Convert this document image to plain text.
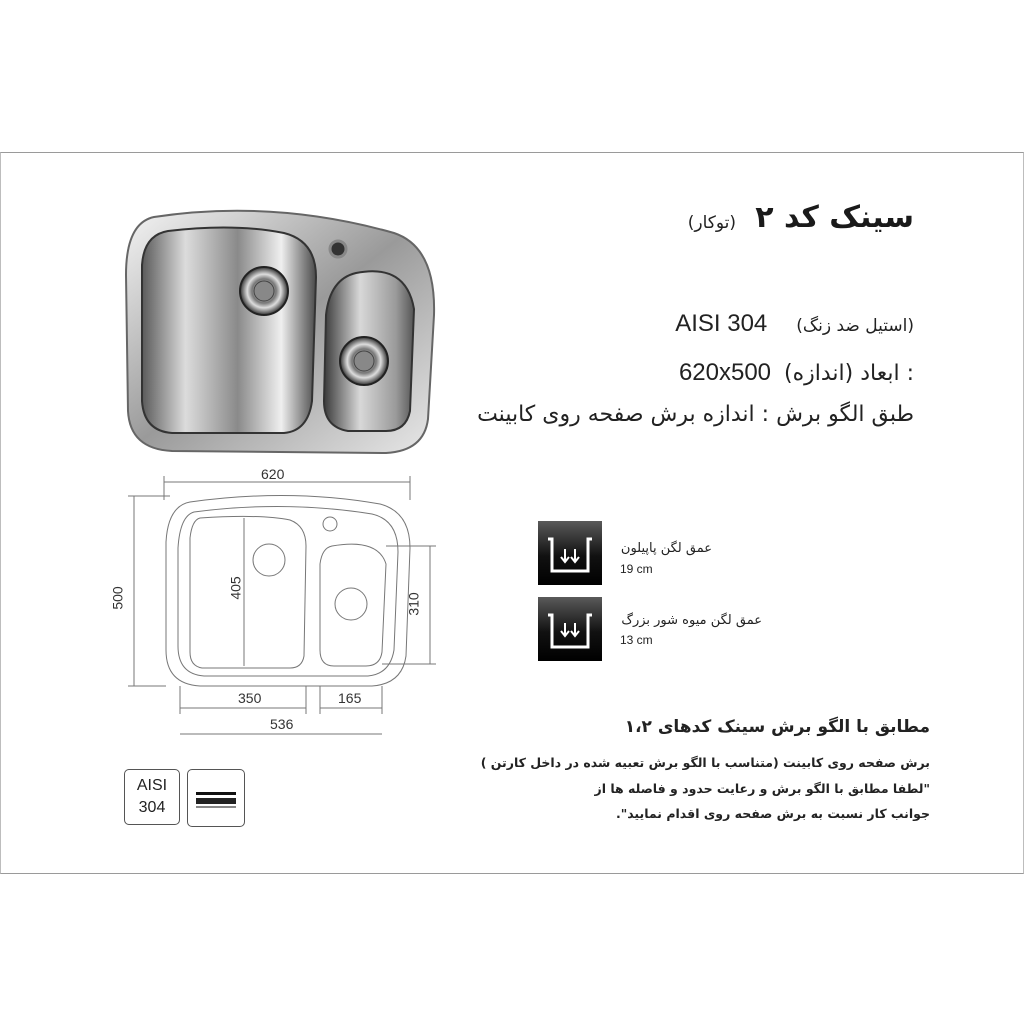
سینک کد ۲
(توکار)
AISI 304 (استیل ضد زنگ)
620x500 ابعاد (اندازه) :
طبق الگو برش : اندازه برش صفحه روی کابینت
620
500	405
310
350	165
536
عمق لگن پاپیلون
19 cm
عمق لگن میوه شور بزرگ
13 cm
مطابق با الگو برش سینک کدهای ۱،۲
برش صفحه روی کابینت (متناسب با الگو برش تعبیه شده در داخل کارتن )
"لطفا مطابق با الگو برش و رعایت حدود و فاصله ها از
جوانب کار نسبت به برش صفحه روی اقدام نمایید".
AISI
304
